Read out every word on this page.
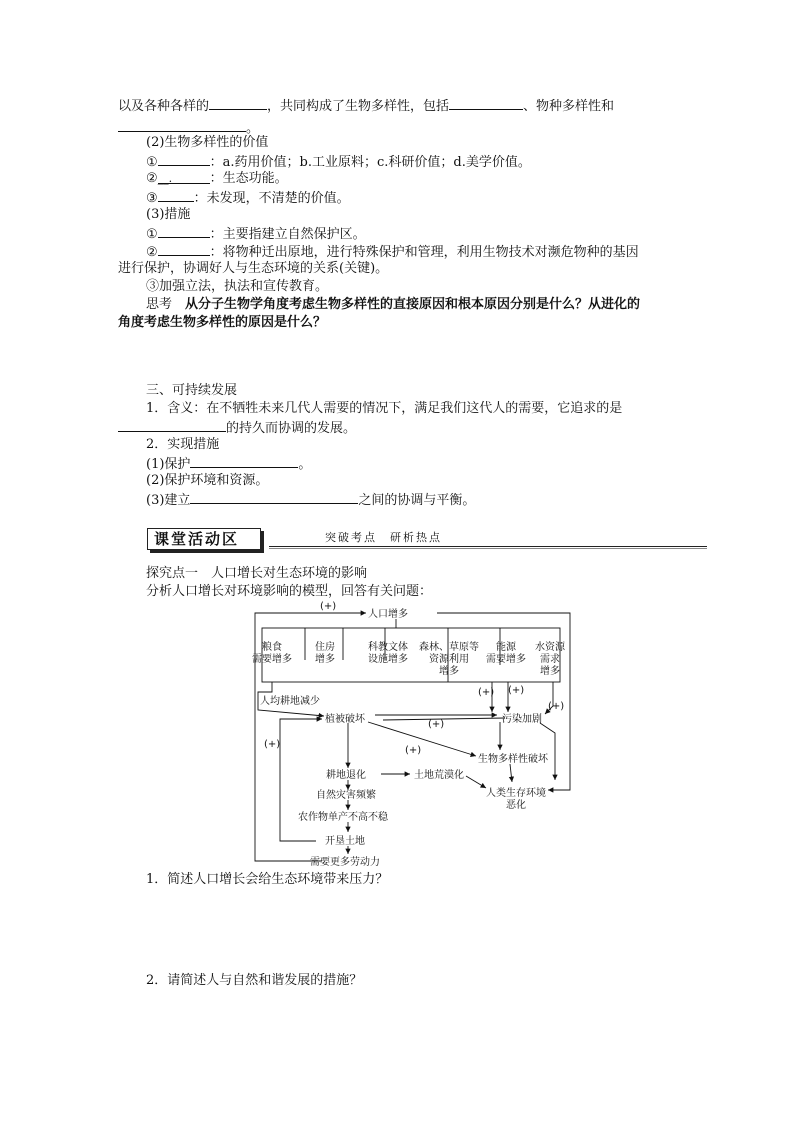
以及各种各样的	，共同构成了生物多样性，包括	、物种多样性和
。
(2)生物多样性的价值
①	：a.药用价值；b.工业原料；c.科研价值；d.美学价值。
②__.	：生态功能。
③	：未发现，不清楚的价值。
(3)措施
①	：主要指建立自然保护区。
②	：将物种迁出原地，进行特殊保护和管理，利用生物技术对濒危物种的基因
进行保护，协调好人与生态环境的关系(关键)。
③加强立法，执法和宣传教育。
思考　从分子生物学角度考虑生物多样性的直接原因和根本原因分别是什么？从进化的
角度考虑生物多样性的原因是什么？
三、可持续发展
1．含义：在不牺牲未来几代人需要的情况下，满足我们这代人的需要，它追求的是
的持久而协调的发展。
2．实现措施
(1)保护	。
(2)保护环境和资源。
(3)建立	之间的协调与平衡。
课堂活动区	突破考点　研析热点
探究点一　人口增长对生态环境的影响
分析人口增长对环境影响的模型，回答有关问题：
(+)
(+) (+)
(+)
(+)
(+)
(+)
人口增多
粮食
需要增多
住房
增多
科教文体
设施增多
森林、草原等
资源利用
增多
能源
需要增多
水资源
需求
增多
人均耕地减少
植被破坏	污染加剧
生物多样性破坏
耕地退化	土地荒漠化
人类生存环境
恶化
自然灾害频繁
农作物单产不高不稳
开垦土地
需要更多劳动力
1．简述人口增长会给生态环境带来压力？
2．请简述人与自然和谐发展的措施？
